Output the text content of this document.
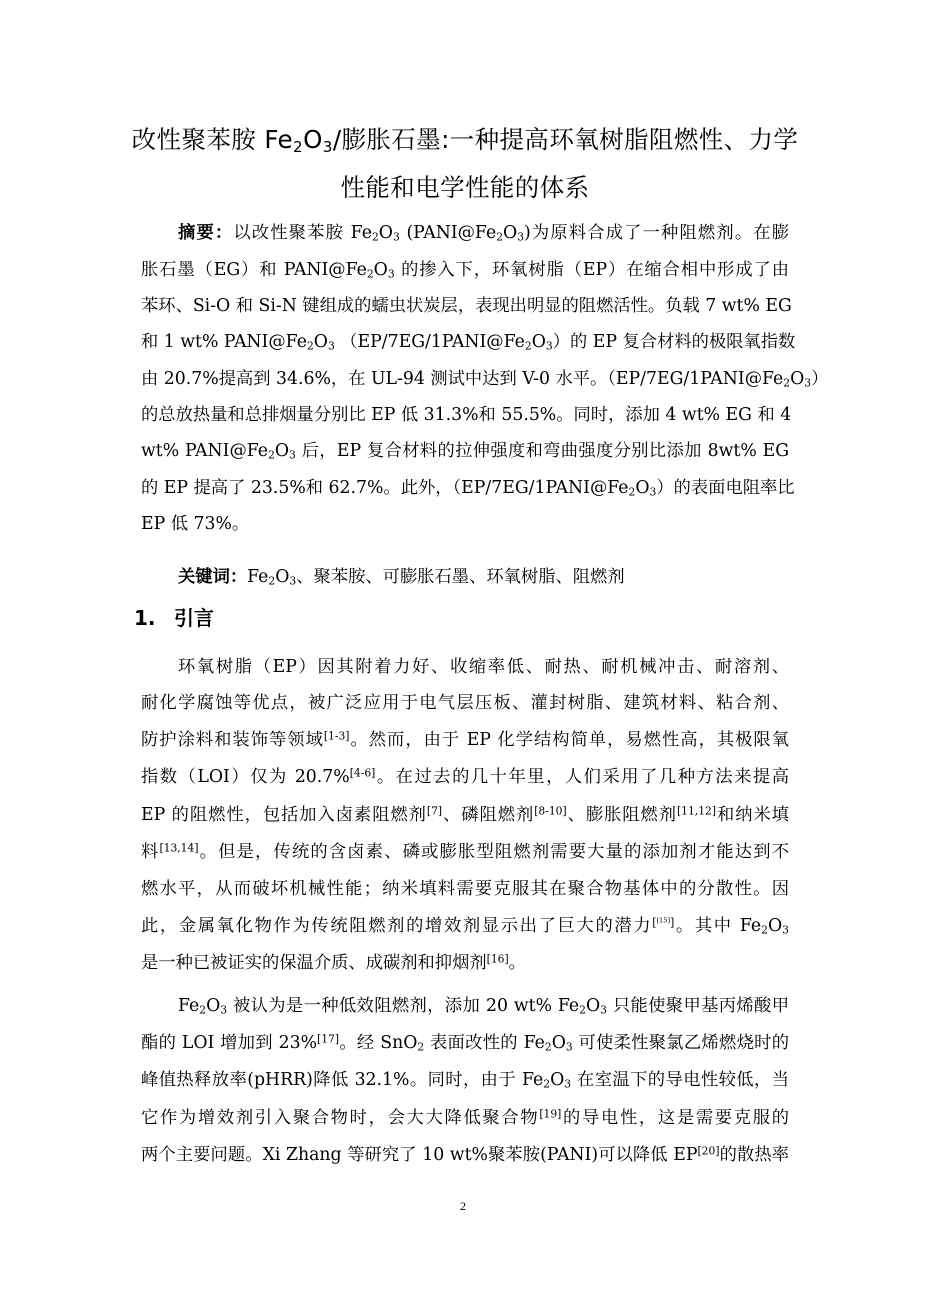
改性聚苯胺 $Fe_2O_3/$膨胀石墨:一种提高环氧树脂阻燃性、力学
性能和电学性能的体系
摘要：以改性聚苯胺 $Fe_2O_3$ $(PANI@Fe_2O_3)$为原料合成了一种阻燃剂。在膨
胀石墨（EG）和 $PANI@Fe_2O_3$ 的掺入下，环氧树脂（EP）在缩合相中形成了由
苯环、Si-O 和 Si-N 键组成的蠕虫状炭层，表现出明显的阻燃活性。负载 7 wt% EG
和 1 wt% $PANI@Fe_2O_3$ $(EP/7EG/1PANI@Fe_2O_3)$的 EP 复合材料的极限氧指数
由 20.7%提高到 34.6%，在 UL-94 测试中达到 V-0 水平。$(EP/7EG/1PANI@Fe_2O_3)$
的总放热量和总排烟量分别比 EP 低 31.3%和 55.5%。同时，添加 4 wt% EG 和 4
wt% $PANI@Fe_2O_3$ 后，EP 复合材料的拉伸强度和弯曲强度分别比添加 8wt% EG
的 EP 提高了 23.5%和 62.7%。此外，$(EP/7EG/1PANI@Fe_2O_3)$的表面电阻率比
EP 低 73%。
关键词：$Fe_2O_3$、聚苯胺、可膨胀石墨、环氧树脂、阻燃剂
1. 引言
环氧树脂（EP）因其附着力好、收缩率低、耐热、耐机械冲击、耐溶剂、
耐化学腐蚀等优点，被广泛应用于电气层压板、灌封树脂、建筑材料、粘合剂、
防护涂料和装饰等领域[1-3]。然而，由于 EP 化学结构简单，易燃性高，其极限氧
指数（LOI）仅为 20.7%[4-6]。在过去的几十年里，人们采用了几种方法来提高
EP 的阻燃性，包括加入卤素阻燃剂[7]、磷阻燃剂[8-10]、膨胀阻燃剂[11,12]和纳米填
料[13,14]。但是，传统的含卤素、磷或膨胀型阻燃剂需要大量的添加剂才能达到不
燃水平，从而破坏机械性能；纳米填料需要克服其在聚合物基体中的分散性。因
此，金属氧化物作为传统阻燃剂的增效剂显示出了巨大的潜力[[15]]。其中 $Fe_2O_3$
是一种已被证实的保温介质、成碳剂和抑烟剂[16]。
$Fe_2O_3$ 被认为是一种低效阻燃剂，添加 20 wt% $Fe_2O_3$ 只能使聚甲基丙烯酸甲
酯的 LOI 增加到 23%[17]。经 SnO$_2$ 表面改性的 $Fe_2O_3$ 可使柔性聚氯乙烯燃烧时的
峰值热释放率(pHRR)降低 32.1%。同时，由于 $Fe_2O_3$ 在室温下的导电性较低，当
它作为增效剂引入聚合物时，会大大降低聚合物[19]的导电性，这是需要克服的
两个主要问题。Xi Zhang 等研究了 10 wt%聚苯胺(PANI)可以降低 EP[20]的散热率
2
